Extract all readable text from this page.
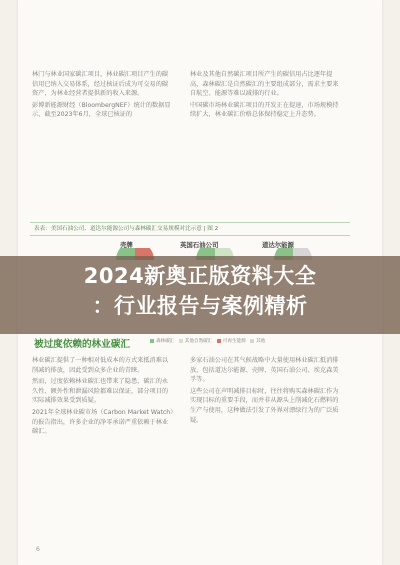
林门与林业国家碳汇项目，林业碳汇项目产生的碳信用已纳入交易体系，经过核证后成为可交易的碳资产，为林业经营者提供新的收入来源。

彭博新能源财经（BloombergNEF）统计的数据显示，截至2023年6月，全球已核证的

林业及其他自然碳汇项目所产生的碳信用占比逐年提高，森林碳汇是自然碳汇的主要组成部分，需求主要来自航空、能源等难以减排的行业。

中国碳市场林业碳汇项目的开发正在提速，市场规模持续扩大，林业碳汇价格总体保持稳定上升态势。

表表：美国石油公司、道达尔能源公司与森林碳汇交易规模对比示意 | 图 2
壳牌	英国石油公司	道达尔能源
2024新奥正版资料大全
：行业报告与案例精析
森林碳汇 其他自然碳汇 可再生能源 其他
被过度依赖的林业碳汇

林业碳汇提供了一种相对低成本的方式来抵消难以削减的排放，因此受到众多企业的青睐。

然而，过度依赖林业碳汇也带来了隐患，碳汇的永久性、额外性和泄漏风险都难以保证，部分项目的实际减排效果受到质疑。

2021年全球林业碳市场（Carbon Market Watch）的报告指出，许多企业的净零承诺严重依赖于林业碳汇。

多家石油公司在其气候战略中大量使用林业碳汇抵消排放，包括道达尔能源、壳牌、英国石油公司、埃克森美孚等。

这些公司在声明减排目标时，往往将购买森林碳汇作为实现目标的重要手段，而并非从源头上削减化石燃料的生产与使用，这种做法引发了外界对漂绿行为的广泛质疑。

6
